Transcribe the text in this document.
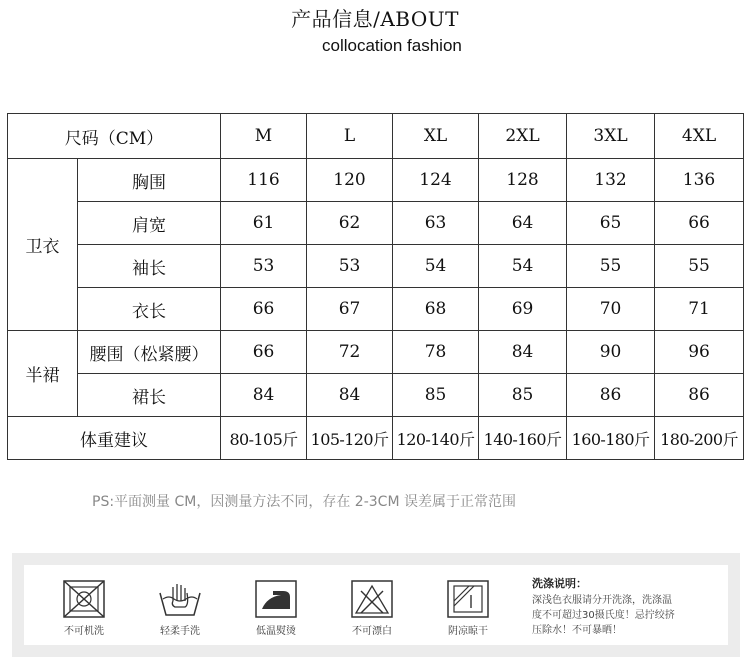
产品信息/ABOUT
collocation fashion
尺码（CM）		M	L	XL	2XL	3XL	4XL
卫衣	胸围	116	120	124	128	132	136
	肩宽	61	62	63	64	65	66
	袖长	53	53	54	54	55	55
	衣长	66	67	68	69	70	71
半裙	腰围（松紧腰）	66	72	78	84	90	96
	裙长	84	84	85	85	86	86
体重建议		80-105斤	105-120斤	120-140斤	140-160斤	160-180斤	180-200斤
PS:平面测量 CM，因测量方法不同，存在 2-3CM 误差属于正常范围
不可机洗	轻柔手洗	低温熨烫	不可漂白	阴凉晾干
洗涤说明：
深浅色衣服请分开洗涤，洗涤温
度不可超过30摄氏度！忌拧绞挤
压除水！不可暴晒！
